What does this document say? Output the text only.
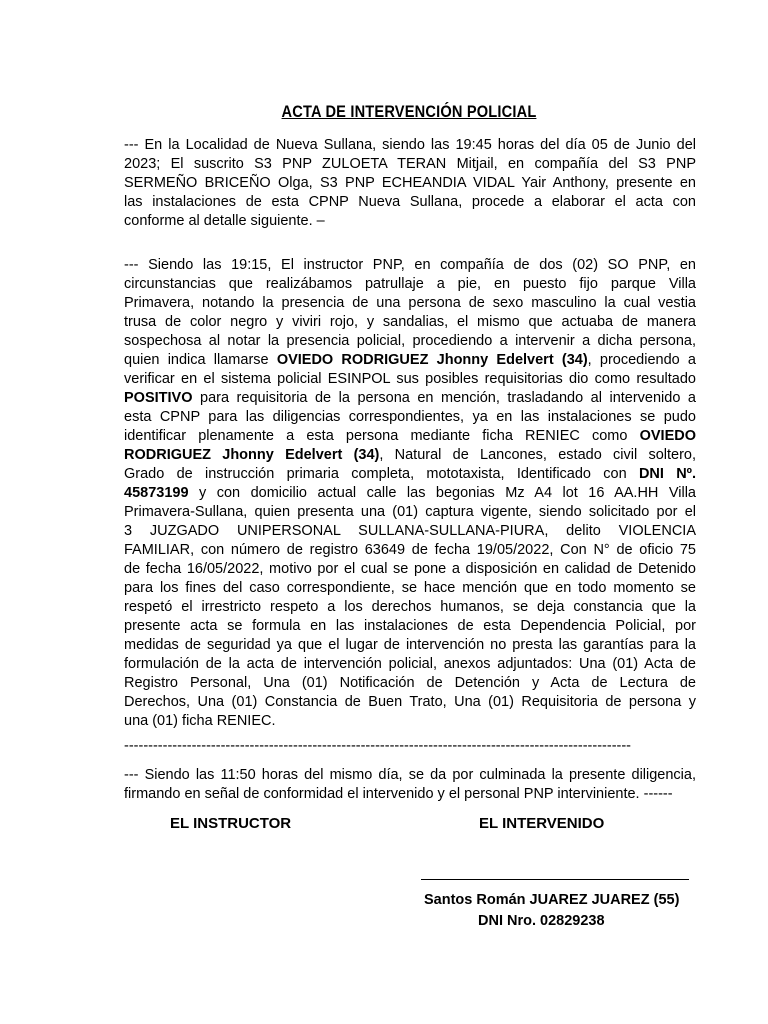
ACTA DE INTERVENCIÓN POLICIAL
--- En la Localidad de Nueva Sullana, siendo las 19:45 horas del día 05 de Junio del
2023; El suscrito S3 PNP ZULOETA TERAN Mitjail, en compañía del S3 PNP
SERMEÑO BRICEÑO Olga, S3 PNP ECHEANDIA VIDAL Yair Anthony, presente en
las instalaciones de esta CPNP Nueva Sullana, procede a elaborar el acta con
conforme al detalle siguiente. –
--- Siendo las 19:15, El instructor PNP, en compañía de dos (02) SO PNP, en
circunstancias que realizábamos patrullaje a pie, en puesto fijo parque Villa
Primavera, notando la presencia de una persona de sexo masculino la cual vestia
trusa de color negro y viviri rojo, y sandalias, el mismo que actuaba de manera
sospechosa al notar la presencia policial, procediendo a intervenir a dicha persona,
quien indica llamarse OVIEDO RODRIGUEZ Jhonny Edelvert (34), procediendo a
verificar en el sistema policial ESINPOL sus posibles requisitorias dio como resultado
POSITIVO para requisitoria de la persona en mención, trasladando al intervenido a
esta CPNP para las diligencias correspondientes, ya en las instalaciones se pudo
identificar plenamente a esta persona mediante ficha RENIEC como OVIEDO
RODRIGUEZ Jhonny Edelvert (34), Natural de Lancones, estado civil soltero,
Grado de instrucción primaria completa, mototaxista, Identificado con DNI Nº.
45873199 y con domicilio actual calle las begonias Mz A4 lot 16 AA.HH Villa
Primavera-Sullana, quien presenta una (01) captura vigente, siendo solicitado por el
3 JUZGADO UNIPERSONAL SULLANA-SULLANA-PIURA, delito VIOLENCIA
FAMILIAR, con número de registro 63649 de fecha 19/05/2022, Con N° de oficio 75
de fecha 16/05/2022, motivo por el cual se pone a disposición en calidad de Detenido
para los fines del caso correspondiente, se hace mención que en todo momento se
respetó el irrestricto respeto a los derechos humanos, se deja constancia que la
presente acta se formula en las instalaciones de esta Dependencia Policial, por
medidas de seguridad ya que el lugar de intervención no presta las garantías para la
formulación de la acta de intervención policial, anexos adjuntados: Una (01) Acta de
Registro Personal, Una (01) Notificación de Detención y Acta de Lectura de
Derechos, Una (01) Constancia de Buen Trato, Una (01) Requisitoria de persona y
una (01) ficha RENIEC.
---------------------------------------------------------------------------------------------------------
--- Siendo las 11:50 horas del mismo día, se da por culminada la presente diligencia,
firmando en señal de conformidad el intervenido y el personal PNP interviniente. ------
EL INSTRUCTOR	EL INTERVENIDO
Santos Román JUAREZ JUAREZ (55)
DNI Nro. 02829238
